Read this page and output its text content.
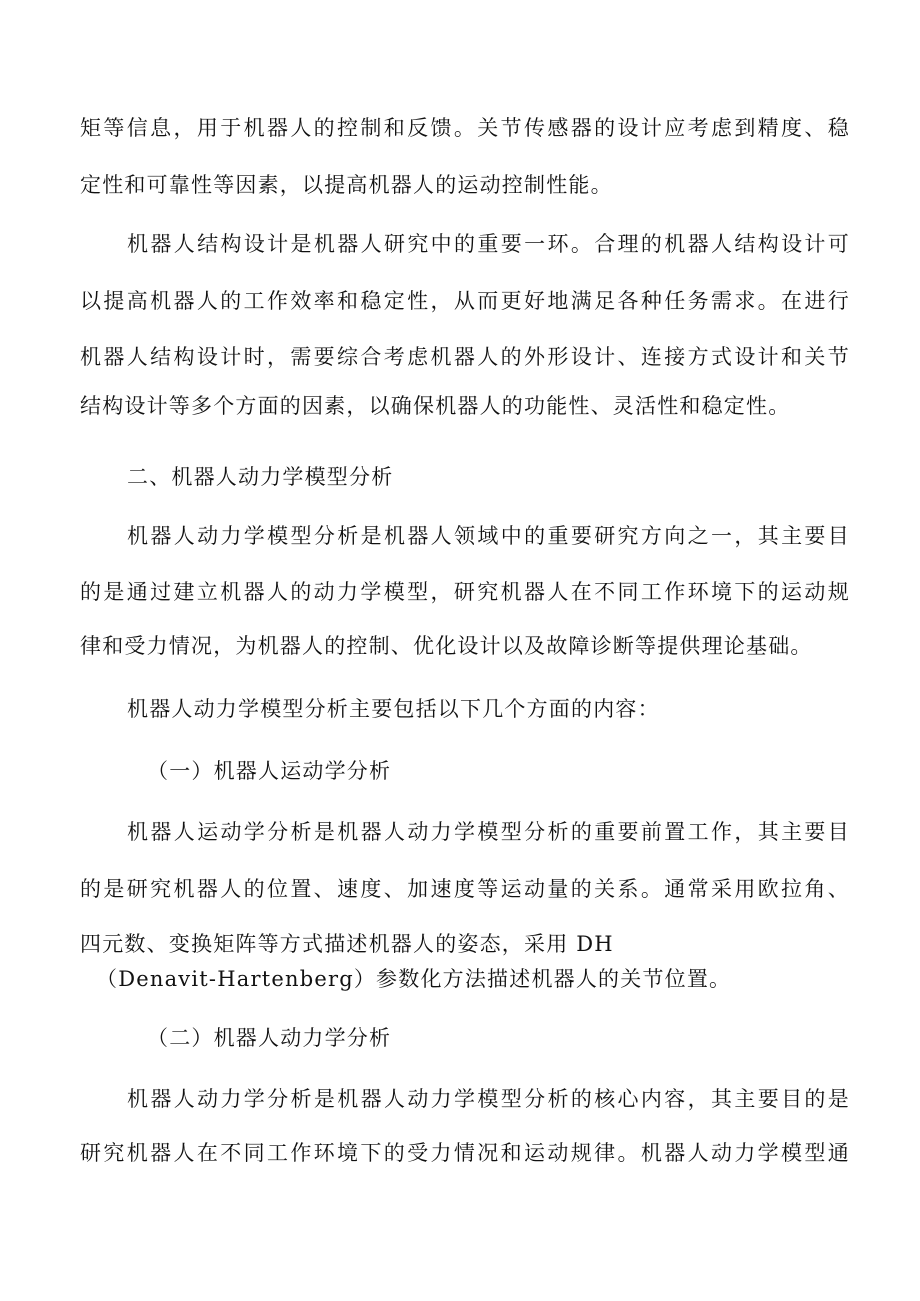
矩等信息，用于机器人的控制和反馈。关节传感器的设计应考虑到精度、稳
定性和可靠性等因素，以提高机器人的运动控制性能。
机器人结构设计是机器人研究中的重要一环。合理的机器人结构设计可
以提高机器人的工作效率和稳定性，从而更好地满足各种任务需求。在进行
机器人结构设计时，需要综合考虑机器人的外形设计、连接方式设计和关节
结构设计等多个方面的因素，以确保机器人的功能性、灵活性和稳定性。
二、机器人动力学模型分析
机器人动力学模型分析是机器人领域中的重要研究方向之一，其主要目
的是通过建立机器人的动力学模型，研究机器人在不同工作环境下的运动规
律和受力情况，为机器人的控制、优化设计以及故障诊断等提供理论基础。
机器人动力学模型分析主要包括以下几个方面的内容：
（一）机器人运动学分析
机器人运动学分析是机器人动力学模型分析的重要前置工作，其主要目
的是研究机器人的位置、速度、加速度等运动量的关系。通常采用欧拉角、
四元数、变换矩阵等方式描述机器人的姿态，采用 DH
（Denavit-Hartenberg）参数化方法描述机器人的关节位置。
（二）机器人动力学分析
机器人动力学分析是机器人动力学模型分析的核心内容，其主要目的是
研究机器人在不同工作环境下的受力情况和运动规律。机器人动力学模型通
